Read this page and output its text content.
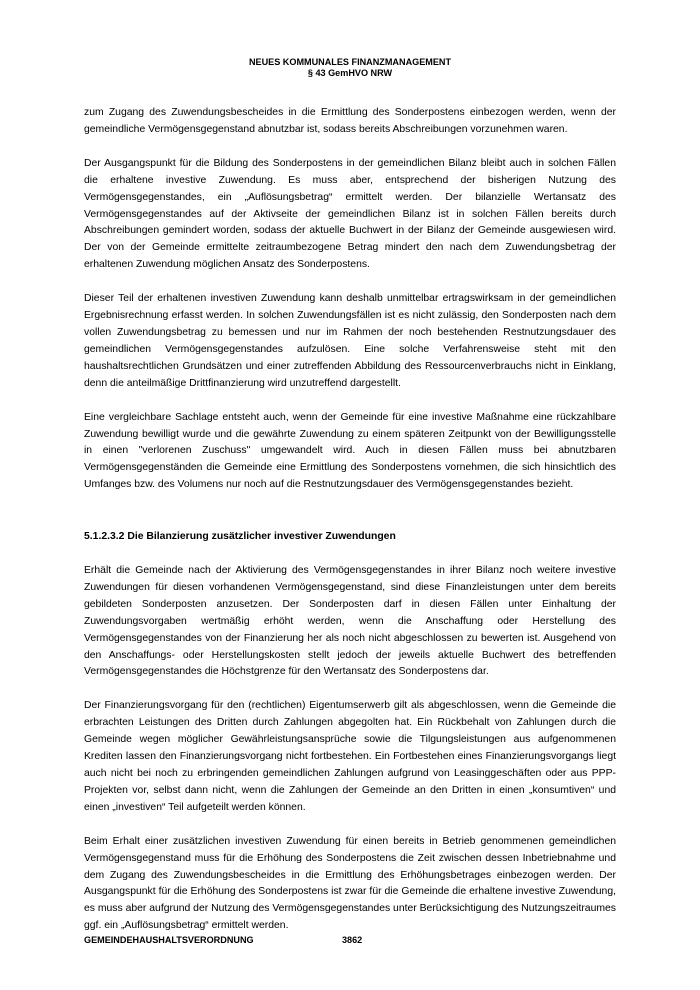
NEUES KOMMUNALES FINANZMANAGEMENT
§ 43 GemHVO NRW

zum Zugang des Zuwendungsbescheides in die Ermittlung des Sonderpostens einbezogen werden, wenn der gemeindliche Vermögensgegenstand abnutzbar ist, sodass bereits Abschreibungen vorzunehmen waren.

Der Ausgangspunkt für die Bildung des Sonderpostens in der gemeindlichen Bilanz bleibt auch in solchen Fällen die erhaltene investive Zuwendung. Es muss aber, entsprechend der bisherigen Nutzung des Vermögensgegenstandes, ein „Auflösungsbetrag“ ermittelt werden. Der bilanzielle Wertansatz des Vermögensgegenstandes auf der Aktivseite der gemeindlichen Bilanz ist in solchen Fällen bereits durch Abschreibungen gemindert worden, sodass der aktuelle Buchwert in der Bilanz der Gemeinde ausgewiesen wird. Der von der Gemeinde ermittelte zeitraumbezogene Betrag mindert den nach dem Zuwendungsbetrag der erhaltenen Zuwendung möglichen Ansatz des Sonderpostens.

Dieser Teil der erhaltenen investiven Zuwendung kann deshalb unmittelbar ertragswirksam in der gemeindlichen Ergebnisrechnung erfasst werden. In solchen Zuwendungsfällen ist es nicht zulässig, den Sonderposten nach dem vollen Zuwendungsbetrag zu bemessen und nur im Rahmen der noch bestehenden Restnutzungsdauer des gemeindlichen Vermögensgegenstandes aufzulösen. Eine solche Verfahrensweise steht mit den haushaltsrechtlichen Grundsätzen und einer zutreffenden Abbildung des Ressourcenverbrauchs nicht in Einklang, denn die anteilmäßige Drittfinanzierung wird unzutreffend dargestellt.

Eine vergleichbare Sachlage entsteht auch, wenn der Gemeinde für eine investive Maßnahme eine rückzahlbare Zuwendung bewilligt wurde und die gewährte Zuwendung zu einem späteren Zeitpunkt von der Bewilligungsstelle in einen "verlorenen Zuschuss" umgewandelt wird. Auch in diesen Fällen muss bei abnutzbaren Vermögensgegenständen die Gemeinde eine Ermittlung des Sonderpostens vornehmen, die sich hinsichtlich des Umfanges bzw. des Volumens nur noch auf die Restnutzungsdauer des Vermögensgegenstandes bezieht.

5.1.2.3.2 Die Bilanzierung zusätzlicher investiver Zuwendungen

Erhält die Gemeinde nach der Aktivierung des Vermögensgegenstandes in ihrer Bilanz noch weitere investive Zuwendungen für diesen vorhandenen Vermögensgegenstand, sind diese Finanzleistungen unter dem bereits gebildeten Sonderposten anzusetzen. Der Sonderposten darf in diesen Fällen unter Einhaltung der Zuwendungsvorgaben wertmäßig erhöht werden, wenn die Anschaffung oder Herstellung des Vermögensgegenstandes von der Finanzierung her als noch nicht abgeschlossen zu bewerten ist. Ausgehend von den Anschaffungs- oder Herstellungskosten stellt jedoch der jeweils aktuelle Buchwert des betreffenden Vermögensgegenstandes die Höchstgrenze für den Wertansatz des Sonderpostens dar.

Der Finanzierungsvorgang für den (rechtlichen) Eigentumserwerb gilt als abgeschlossen, wenn die Gemeinde die erbrachten Leistungen des Dritten durch Zahlungen abgegolten hat. Ein Rückbehalt von Zahlungen durch die Gemeinde wegen möglicher Gewährleistungsansprüche sowie die Tilgungsleistungen aus aufgenommenen Krediten lassen den Finanzierungsvorgang nicht fortbestehen. Ein Fortbestehen eines Finanzierungsvorgangs liegt auch nicht bei noch zu erbringenden gemeindlichen Zahlungen aufgrund von Leasinggeschäften oder aus PPP-Projekten vor, selbst dann nicht, wenn die Zahlungen der Gemeinde an den Dritten in einen „konsumtiven“ und einen „investiven“ Teil aufgeteilt werden können.

Beim Erhalt einer zusätzlichen investiven Zuwendung für einen bereits in Betrieb genommenen gemeindlichen Vermögensgegenstand muss für die Erhöhung des Sonderpostens die Zeit zwischen dessen Inbetriebnahme und dem Zugang des Zuwendungsbescheides in die Ermittlung des Erhöhungsbetrages einbezogen werden. Der Ausgangspunkt für die Erhöhung des Sonderpostens ist zwar für die Gemeinde die erhaltene investive Zuwendung, es muss aber aufgrund der Nutzung des Vermögensgegenstandes unter Berücksichtigung des Nutzungszeitraumes ggf. ein „Auflösungsbetrag“ ermittelt werden.

GEMEINDEHAUSHALTSVERORDNUNG	3862
